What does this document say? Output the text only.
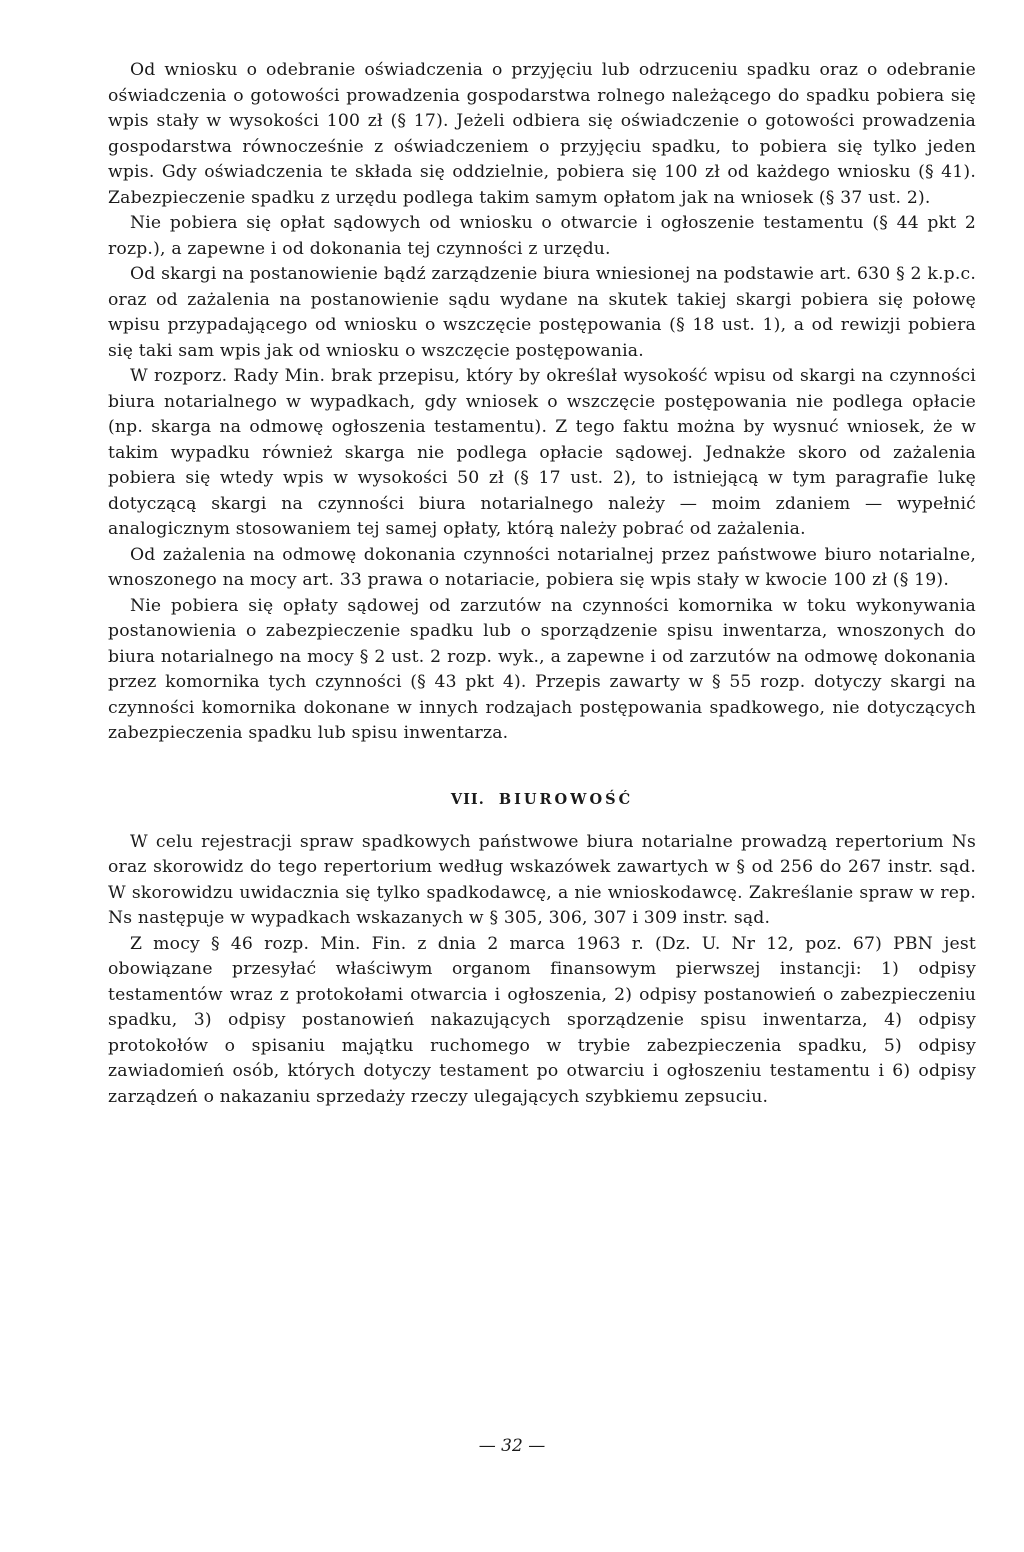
Od wniosku o odebranie oświadczenia o przyjęciu lub odrzuceniu spadku oraz o odebranie oświadczenia o gotowości prowadzenia gospodarstwa rolnego należącego do spadku pobiera się wpis stały w wysokości 100 zł (§ 17). Jeżeli odbiera się oświadczenie o gotowości prowadzenia gospodarstwa równocześnie z oświadczeniem o przyjęciu spadku, to pobiera się tylko jeden wpis. Gdy oświadczenia te składa się oddzielnie, pobiera się 100 zł od każdego wniosku (§ 41). Zabezpieczenie spadku z urzędu podlega takim samym opłatom jak na wniosek (§ 37 ust. 2).

Nie pobiera się opłat sądowych od wniosku o otwarcie i ogłoszenie testamentu (§ 44 pkt 2 rozp.), a zapewne i od dokonania tej czynności z urzędu.

Od skargi na postanowienie bądź zarządzenie biura wniesionej na podstawie art. 630 § 2 k.p.c. oraz od zażalenia na postanowienie sądu wydane na skutek takiej skargi pobiera się połowę wpisu przypadającego od wniosku o wszczęcie postępowania (§ 18 ust. 1), a od rewizji pobiera się taki sam wpis jak od wniosku o wszczęcie postępowania.

W rozporz. Rady Min. brak przepisu, który by określał wysokość wpisu od skargi na czynności biura notarialnego w wypadkach, gdy wniosek o wszczęcie postępowania nie podlega opłacie (np. skarga na odmowę ogłoszenia testamentu). Z tego faktu można by wysnuć wniosek, że w takim wypadku również skarga nie podlega opłacie sądowej. Jednakże skoro od zażalenia pobiera się wtedy wpis w wysokości 50 zł (§ 17 ust. 2), to istniejącą w tym paragrafie lukę dotyczącą skargi na czynności biura notarialnego należy — moim zdaniem — wypełnić analogicznym stosowaniem tej samej opłaty, którą należy pobrać od zażalenia.

Od zażalenia na odmowę dokonania czynności notarialnej przez państwowe biuro notarialne, wnoszonego na mocy art. 33 prawa o notariacie, pobiera się wpis stały w kwocie 100 zł (§ 19).

Nie pobiera się opłaty sądowej od zarzutów na czynności komornika w toku wykonywania postanowienia o zabezpieczenie spadku lub o sporządzenie spisu inwentarza, wnoszonych do biura notarialnego na mocy § 2 ust. 2 rozp. wyk., a zapewne i od zarzutów na odmowę dokonania przez komornika tych czynności (§ 43 pkt 4). Przepis zawarty w § 55 rozp. dotyczy skargi na czynności komornika dokonane w innych rodzajach postępowania spadkowego, nie dotyczących zabezpieczenia spadku lub spisu inwentarza.

VII. BIUROWOŚĆ

W celu rejestracji spraw spadkowych państwowe biura notarialne prowadzą repertorium Ns oraz skorowidz do tego repertorium według wskazówek zawartych w § od 256 do 267 instr. sąd. W skorowidzu uwidacznia się tylko spadkodawcę, a nie wnioskodawcę. Zakreślanie spraw w rep. Ns następuje w wypadkach wskazanych w § 305, 306, 307 i 309 instr. sąd.

Z mocy § 46 rozp. Min. Fin. z dnia 2 marca 1963 r. (Dz. U. Nr 12, poz. 67) PBN jest obowiązane przesyłać właściwym organom finansowym pierwszej instancji: 1) odpisy testamentów wraz z protokołami otwarcia i ogłoszenia, 2) odpisy postanowień o zabezpieczeniu spadku, 3) odpisy postanowień nakazujących sporządzenie spisu inwentarza, 4) odpisy protokołów o spisaniu majątku ruchomego w trybie zabezpieczenia spadku, 5) odpisy zawiadomień osób, których dotyczy testament po otwarciu i ogłoszeniu testamentu i 6) odpisy zarządzeń o nakazaniu sprzedaży rzeczy ulegających szybkiemu zepsuciu.

— 32 —
